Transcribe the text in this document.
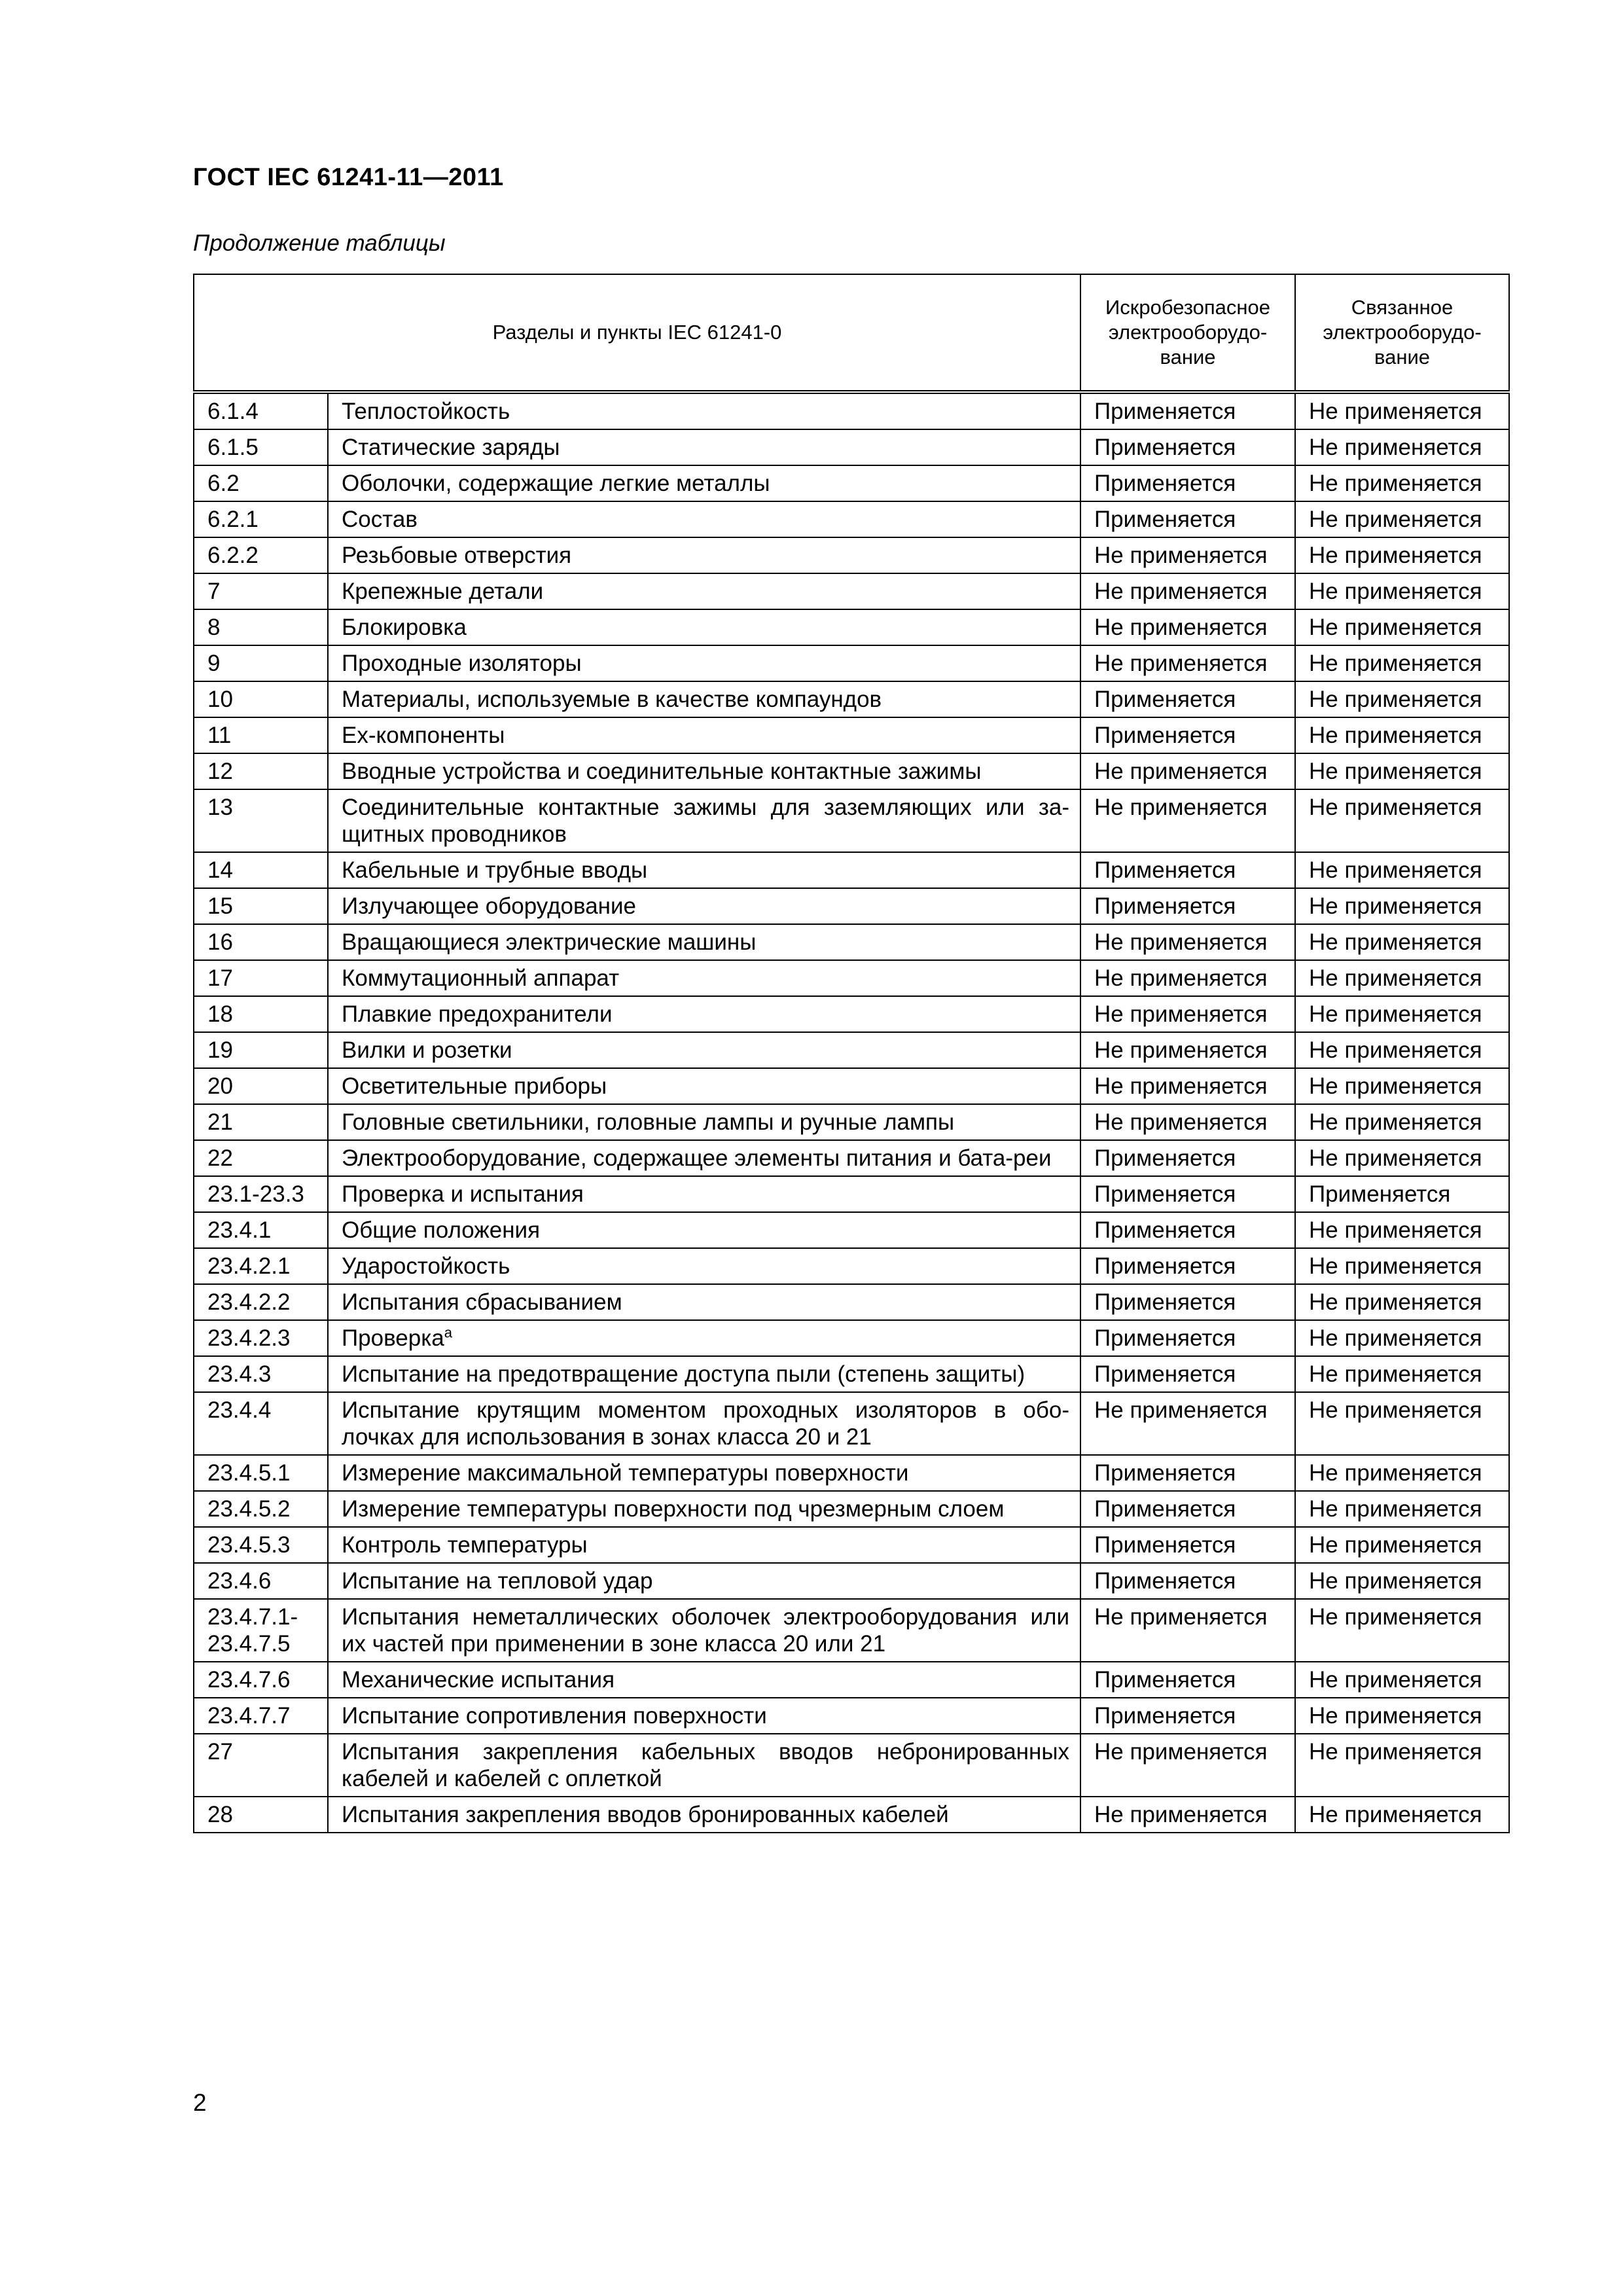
ГОСТ IEC 61241-11—2011
Продолжение таблицы
Разделы и пункты IEC 61241-0		Искробезопасное электрооборудо-вание	Связанное электрооборудо-вание
6.1.4	Теплостойкость	Применяется	Не применяется
6.1.5	Статические заряды	Применяется	Не применяется
6.2	Оболочки, содержащие легкие металлы	Применяется	Не применяется
6.2.1	Состав	Применяется	Не применяется
6.2.2	Резьбовые отверстия	Не применяется	Не применяется
7	Крепежные детали	Не применяется	Не применяется
8	Блокировка	Не применяется	Не применяется
9	Проходные изоляторы	Не применяется	Не применяется
10	Материалы, используемые в качестве компаундов	Применяется	Не применяется
11	Ех-компоненты	Применяется	Не применяется
12	Вводные устройства и соединительные контактные зажимы	Не применяется	Не применяется
13	Соединительные контактные зажимы для заземляющих или за-щитных проводников	Не применяется	Не применяется
14	Кабельные и трубные вводы	Применяется	Не применяется
15	Излучающее оборудование	Применяется	Не применяется
16	Вращающиеся электрические машины	Не применяется	Не применяется
17	Коммутационный аппарат	Не применяется	Не применяется
18	Плавкие предохранители	Не применяется	Не применяется
19	Вилки и розетки	Не применяется	Не применяется
20	Осветительные приборы	Не применяется	Не применяется
21	Головные светильники, головные лампы и ручные лампы	Не применяется	Не применяется
22	Электрооборудование, содержащее элементы питания и бата-реи	Применяется	Не применяется
23.1-23.3	Проверка и испытания	Применяется	Применяется
23.4.1	Общие положения	Применяется	Не применяется
23.4.2.1	Ударостойкость	Применяется	Не применяется
23.4.2.2	Испытания сбрасыванием	Применяется	Не применяется
23.4.2.3	Проверка$^а$	Применяется	Не применяется
23.4.3	Испытание на предотвращение доступа пыли (степень защиты)	Применяется	Не применяется
23.4.4	Испытание крутящим моментом проходных изоляторов в обо-лочках для использования в зонах класса 20 и 21	Не применяется	Не применяется
23.4.5.1	Измерение максимальной температуры поверхности	Применяется	Не применяется
23.4.5.2	Измерение температуры поверхности под чрезмерным слоем	Применяется	Не применяется
23.4.5.3	Контроль температуры	Применяется	Не применяется
23.4.6	Испытание на тепловой удар	Применяется	Не применяется
23.4.7.1-23.4.7.5	Испытания неметаллических оболочек электрооборудования или их частей при применении в зоне класса 20 или 21	Не применяется	Не применяется
23.4.7.6	Механические испытания	Применяется	Не применяется
23.4.7.7	Испытание сопротивления поверхности	Применяется	Не применяется
27	Испытания закрепления кабельных вводов небронированных кабелей и кабелей с оплеткой	Не применяется	Не применяется
28	Испытания закрепления вводов бронированных кабелей	Не применяется	Не применяется
2
